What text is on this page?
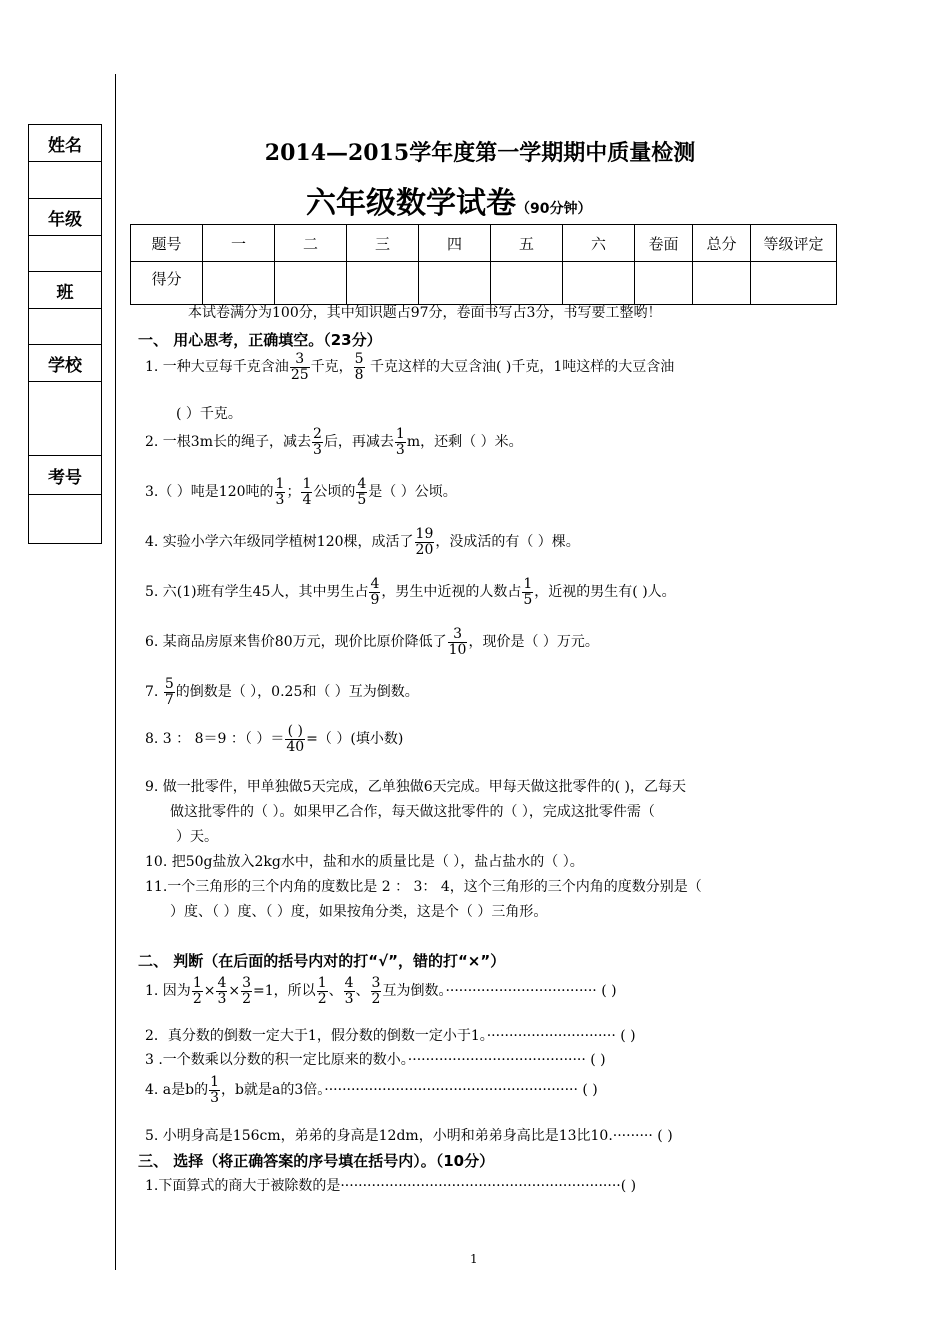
姓名
年级
班
学校
考号
2014—2015学年度第一学期期中质量检测
六年级数学试卷（90分钟）
题号	一	二	三	四	五	六	卷面	总分	等级评定
得分									
本试卷满分为100分，其中知识题占97分，卷面书写占3分，书写要工整哟！
一、 用心思考，正确填空。（23分）
1. 一种大豆每千克含油 $\frac{3}{25}$ 千克， $\frac{5}{8}$ 千克这样的大豆含油( )千克，1吨这样的大豆含油
( ）千克。
2. 一根3m长的绳子，减去 $\frac{2}{3}$ 后，再减去 $\frac{1}{3}$ m，还剩（ ）米。
3.（ ）吨是120吨的 $\frac{1}{3}$ ； $\frac{1}{4}$ 公顷的 $\frac{4}{5}$ 是（ ）公顷。
4. 实验小学六年级同学植树120棵，成活了 $\frac{19}{20}$ ，没成活的有（ ）棵。
5. 六(1)班有学生45人，其中男生占 $\frac{4}{9}$ ，男生中近视的人数占 $\frac{1}{5}$ ，近视的男生有( )人。
6. 某商品房原来售价80万元，现价比原价降低了 $\frac{3}{10}$ ，现价是（ ）万元。
7. $\frac{5}{7}$ 的倒数是（ ），0.25和（ ）互为倒数。
8. 3 ： 8＝9 ：（ ）＝ $\frac{( )}{40}$ =（ ）(填小数)
9. 做一批零件，甲单独做5天完成，乙单独做6天完成。甲每天做这批零件的( )，乙每天
做这批零件的（ ）。如果甲乙合作，每天做这批零件的（ ），完成这批零件需（
）天。
10. 把50g盐放入2kg水中，盐和水的质量比是（ ），盐占盐水的（ ）。
11.一个三角形的三个内角的度数比是 2 ： 3： 4，这个三角形的三个内角的度数分别是（
）度、（ ）度、（ ）度，如果按角分类，这是个（ ）三角形。
二、 判断（在后面的括号内对的打“√”，错的打“×”）
1. 因为 $\frac{1}{2} \times \frac{4}{3} \times \frac{3}{2} =1$，所以 $\frac{1}{2}$ 、 $\frac{4}{3}$ 、 $\frac{3}{2}$ 互为倒数。·································· ( )
2．真分数的倒数一定大于1，假分数的倒数一定小于1。····························· ( )
3 .一个数乘以分数的积一定比原来的数小。········································ ( )
4. a是b的 $\frac{1}{3}$ ，b就是a的3倍。························································· ( )
5. 小明身高是156cm，弟弟的身高是12dm，小明和弟弟身高比是13比10.········· ( )
三、 选择（将正确答案的序号填在括号内）。（10分）
1.下面算式的商大于被除数的是·······························································( )
1
